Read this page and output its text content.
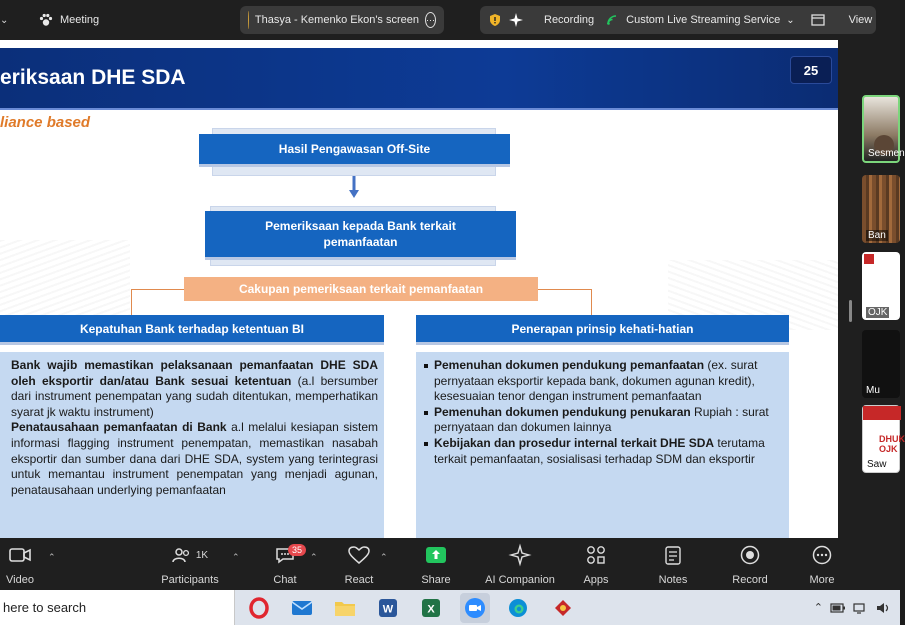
⌄	Meeting	Thasya - Kemenko Ekon's screen ⋯	Recording	Custom Live Streaming Service ⌄	View
eriksaan DHE SDA	25
liance based
Hasil Pengawasan Off-Site
Pemeriksaan kepada Bank terkait pemanfaatan
Cakupan pemeriksaan terkait pemanfaatan
Kepatuhan Bank terhadap ketentuan BI	Penerapan prinsip kehati-hatian

Bank wajib memastikan pelaksanaan pemanfaatan DHE SDA oleh eksportir dan/atau Bank sesuai ketentuan (a.l bersumber dari instrument penempatan yang sudah ditentukan, memperhatikan syarat jk waktu instrument)

Penatausahaan pemanfaatan di Bank a.l melalui kesiapan sistem informasi flagging instrument penempatan, memastikan nasabah eksportir dan sumber dana dari DHE SDA, system yang terintegrasi untuk memantau instrument penempatan yang menjadi agunan, penatausahaan underlying pemanfaatan

Pemenuhan dokumen pendukung pemanfaatan (ex. surat pernyataan eksportir kepada bank, dokumen agunan kredit), kesesuaian tenor dengan instrument pemanfaatan

Pemenuhan dokumen pendukung penukaran Rupiah : surat pernyataan dan dokumen lainnya

Kebijakan dan prosedur internal terkait DHE SDA terutama terkait pemanfaatan, sosialisasi terhadap SDM dan eksportir

Sesmen
Ban
OJK
Mu
DHUK OJK
Saw
Video
⌃	1K
Participants
⌃
Chat
35
⌃
React
⌃
Share	AI Companion	Apps	Notes	Record	More
here to search	W	X	⌃
